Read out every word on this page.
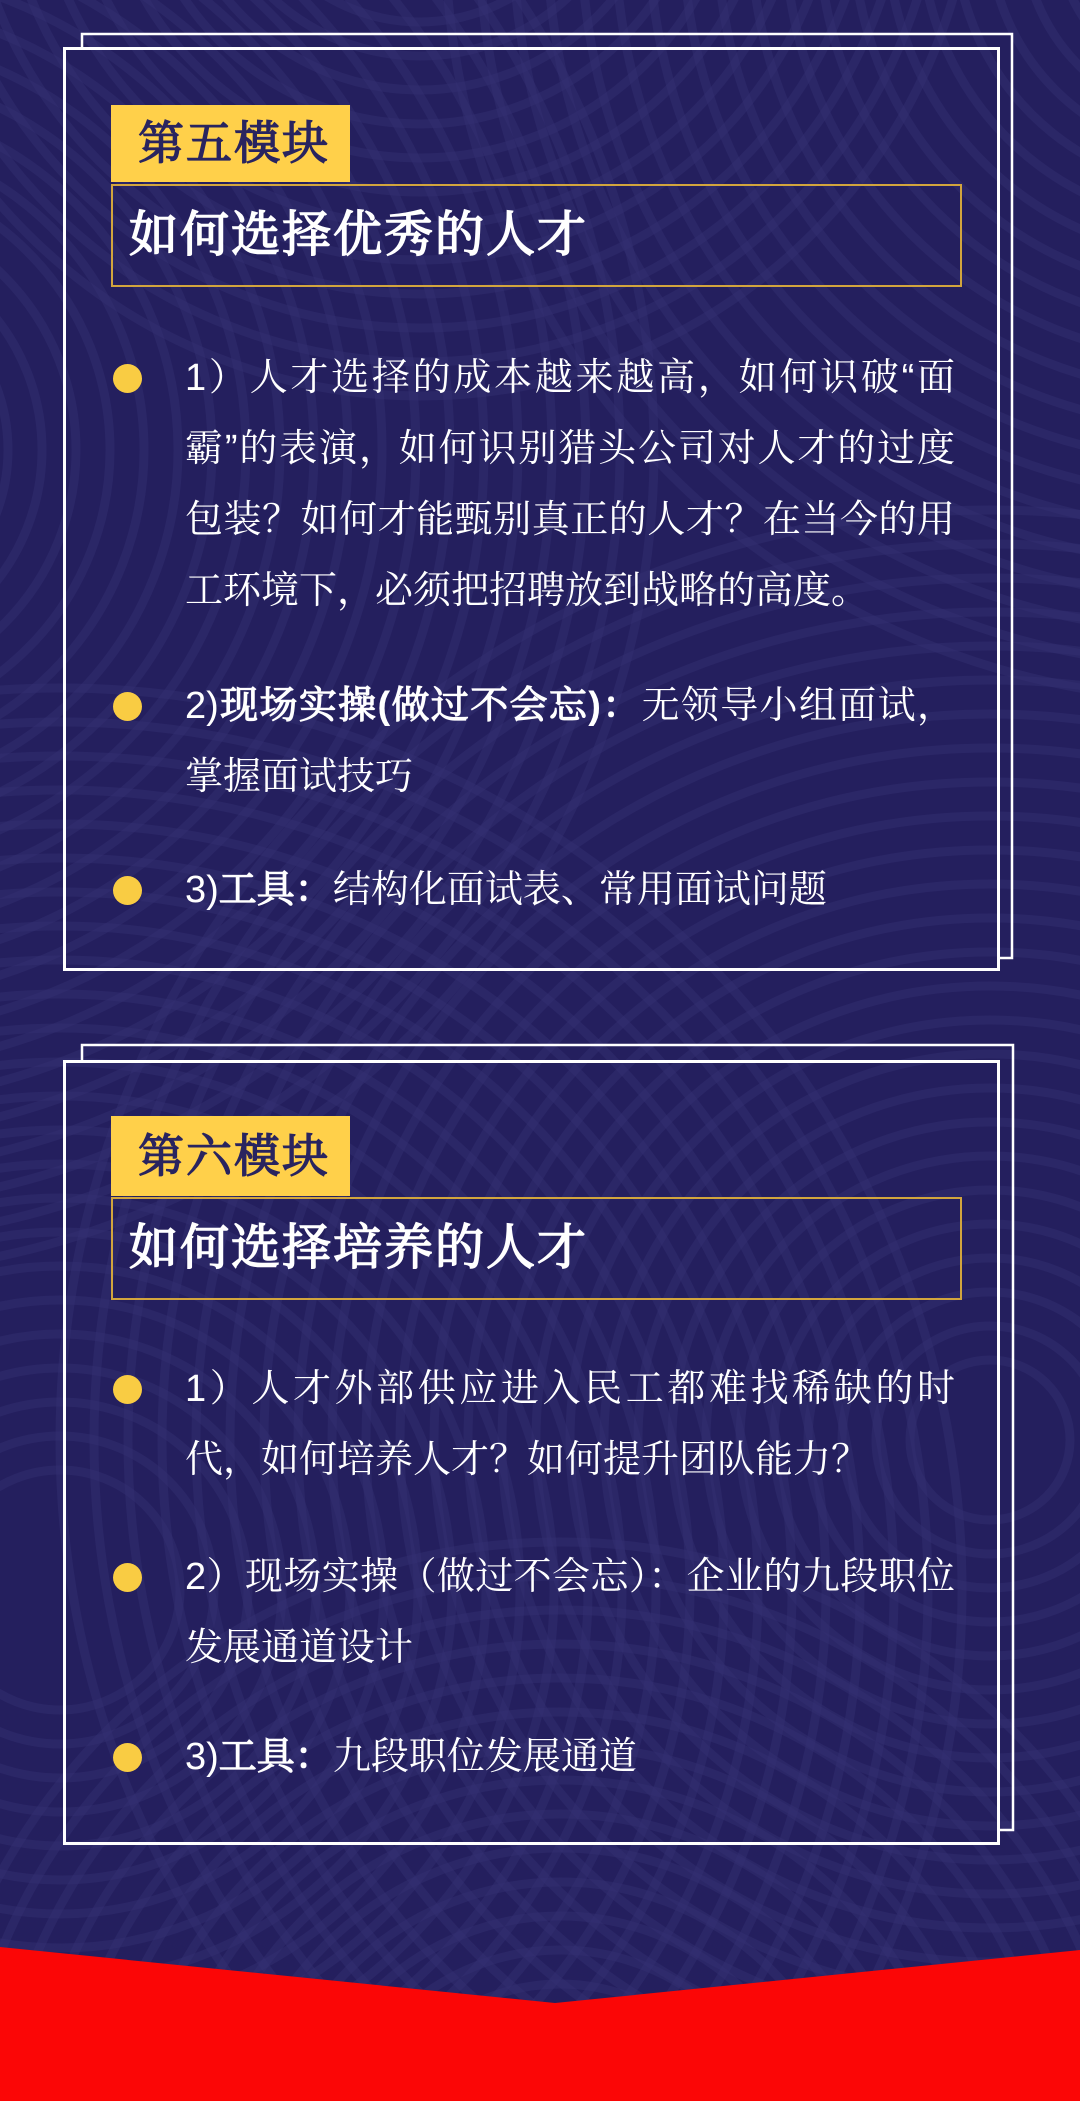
第五模块
如何选择优秀的人才
1）人才选择的成本越来越高，如何识破“面霸”的表演，如何识别猎头公司对人才的过度包装？如何才能甄别真正的人才？在当今的用工环境下，必须把招聘放到战略的高度。
2)现场实操(做过不会忘)：无领导小组面试，掌握面试技巧
3)工具：结构化面试表、常用面试问题
第六模块
如何选择培养的人才
1）人才外部供应进入民工都难找稀缺的时代，如何培养人才？如何提升团队能力？
2）现场实操（做过不会忘）：企业的九段职位发展通道设计
3)工具：九段职位发展通道
